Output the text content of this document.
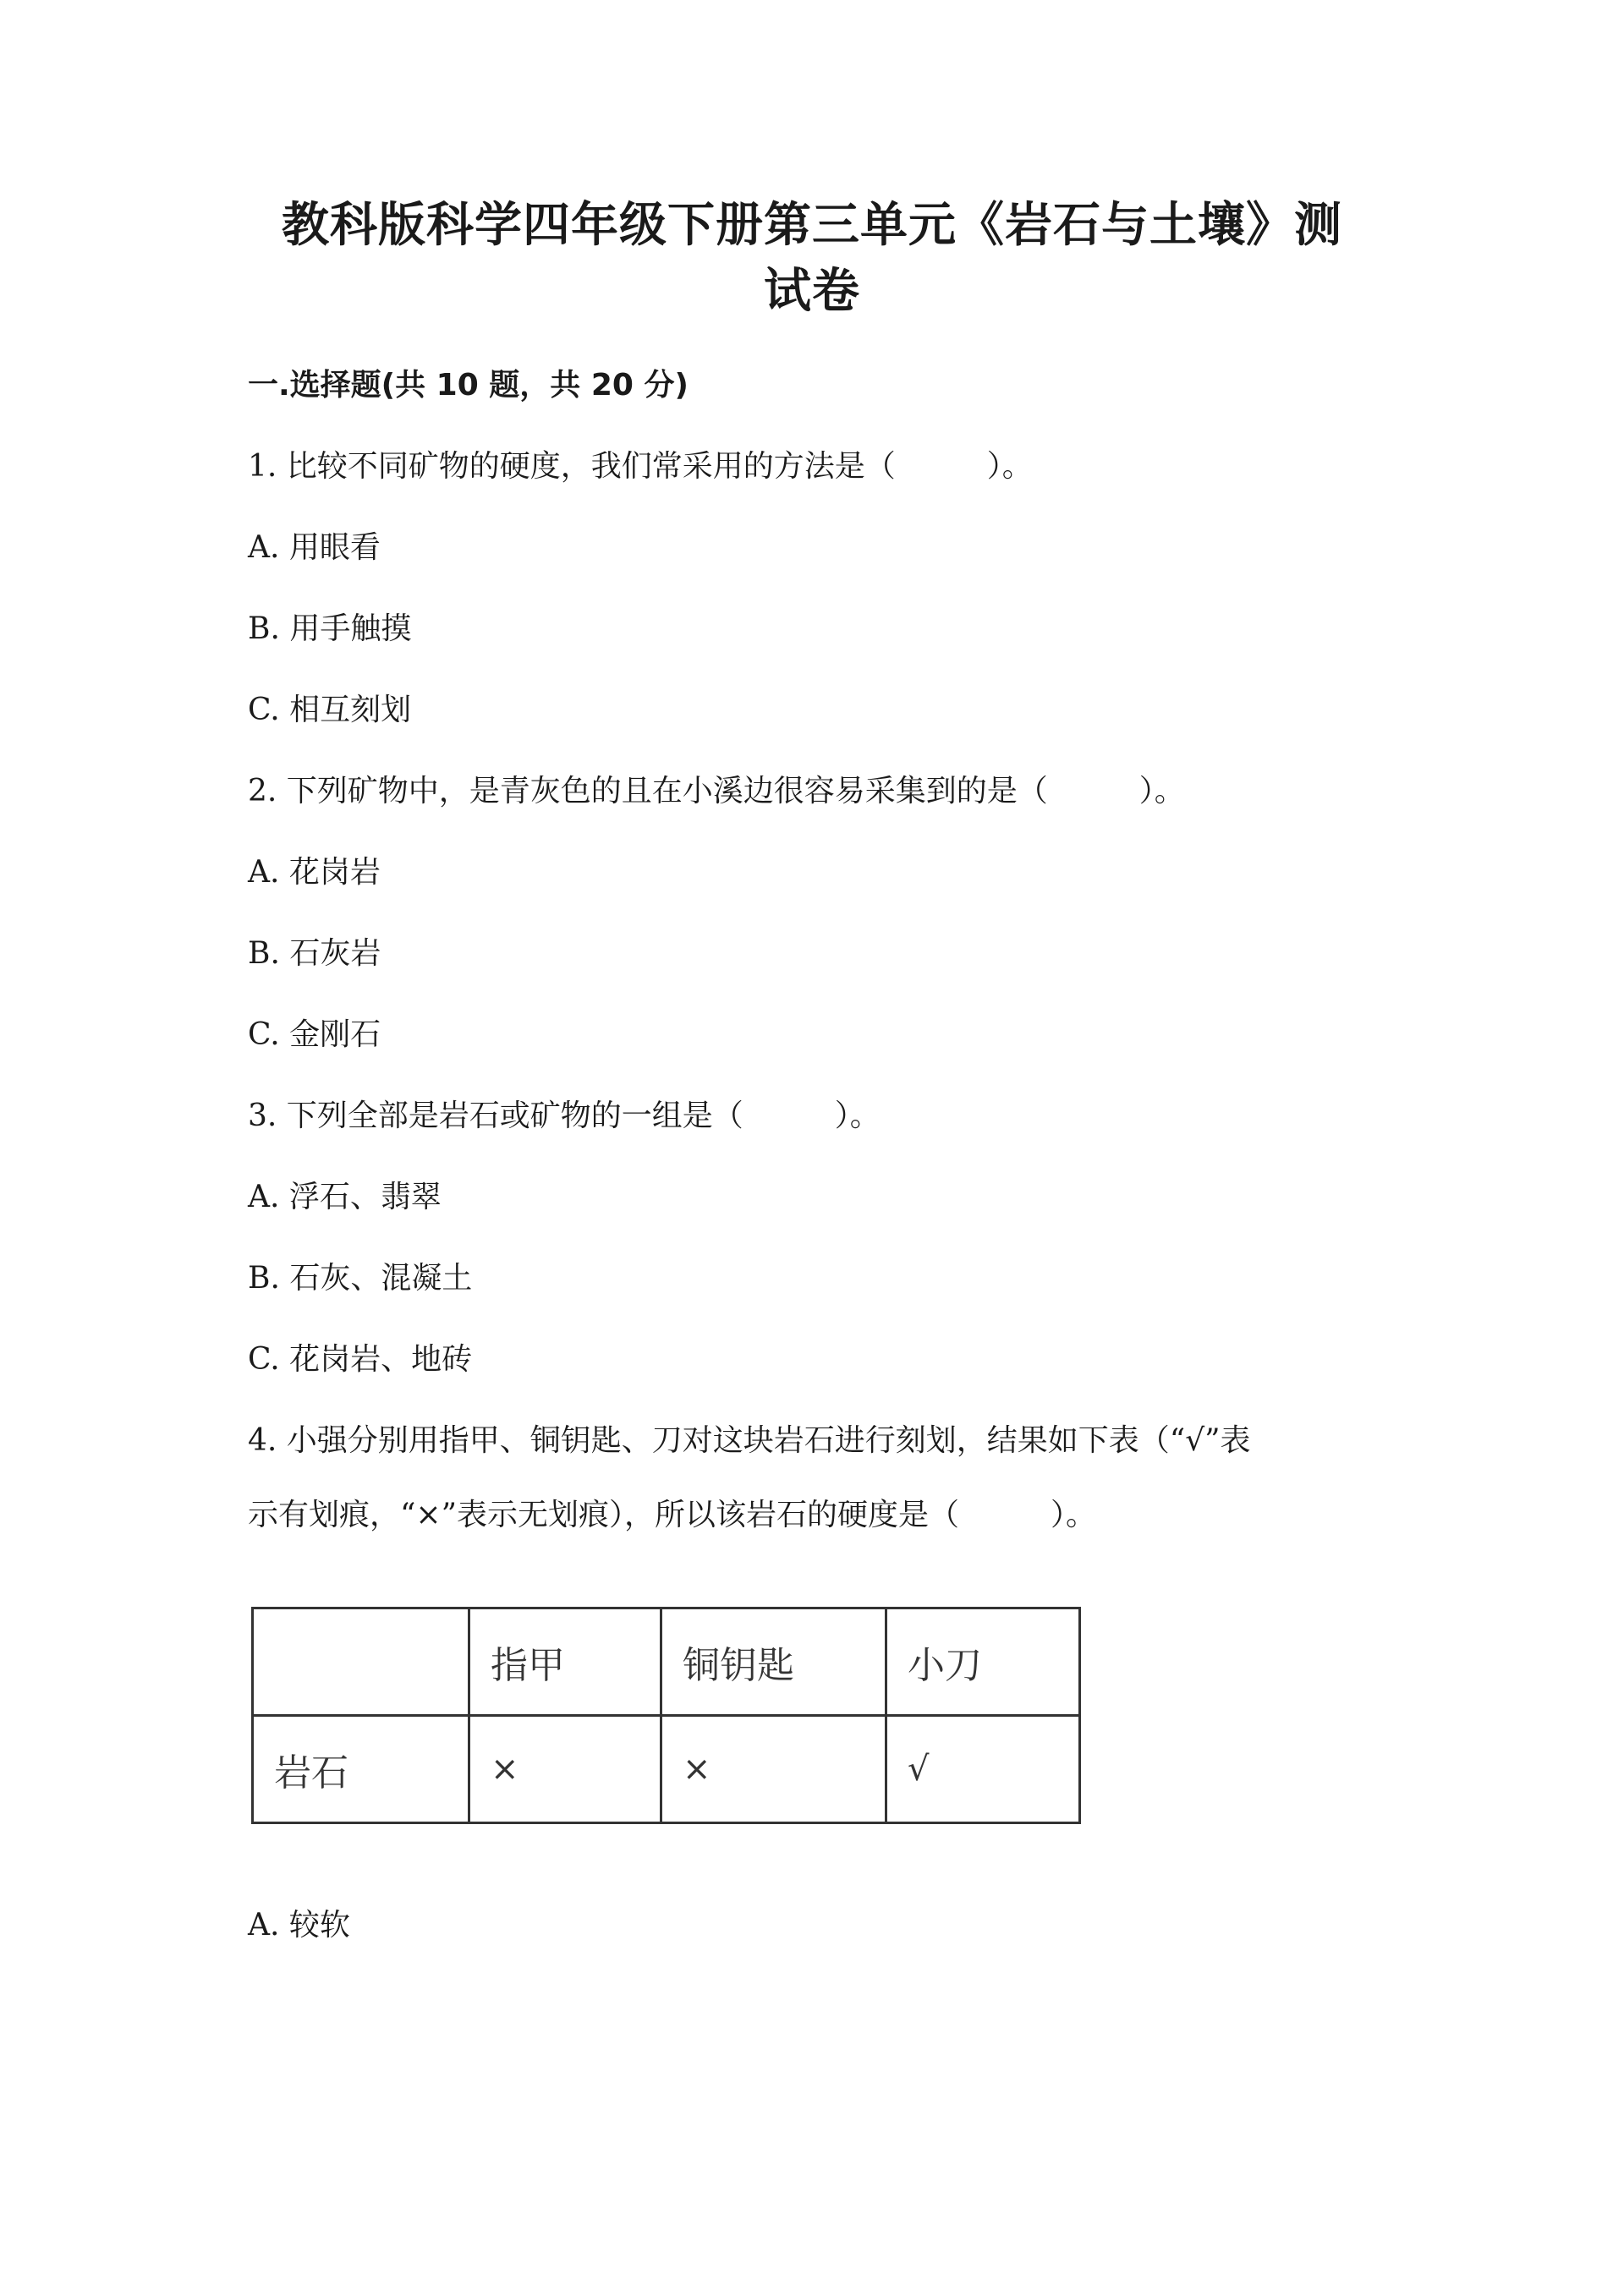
教科版科学四年级下册第三单元《岩石与土壤》测
试卷
一.选择题(共 10 题，共 20 分)
1. 比较不同矿物的硬度，我们常采用的方法是（　　　）。
A. 用眼看
B. 用手触摸
C. 相互刻划
2. 下列矿物中，是青灰色的且在小溪边很容易采集到的是（　　　）。
A. 花岗岩
B. 石灰岩
C. 金刚石
3. 下列全部是岩石或矿物的一组是（　　　）。
A. 浮石、翡翠
B. 石灰、混凝土
C. 花岗岩、地砖
4. 小强分别用指甲、铜钥匙、刀对这块岩石进行刻划，结果如下表（“√”表
示有划痕，“×”表示无划痕），所以该岩石的硬度是（　　　）。
	指甲	铜钥匙	小刀
岩石	×	×	√
A. 较软
